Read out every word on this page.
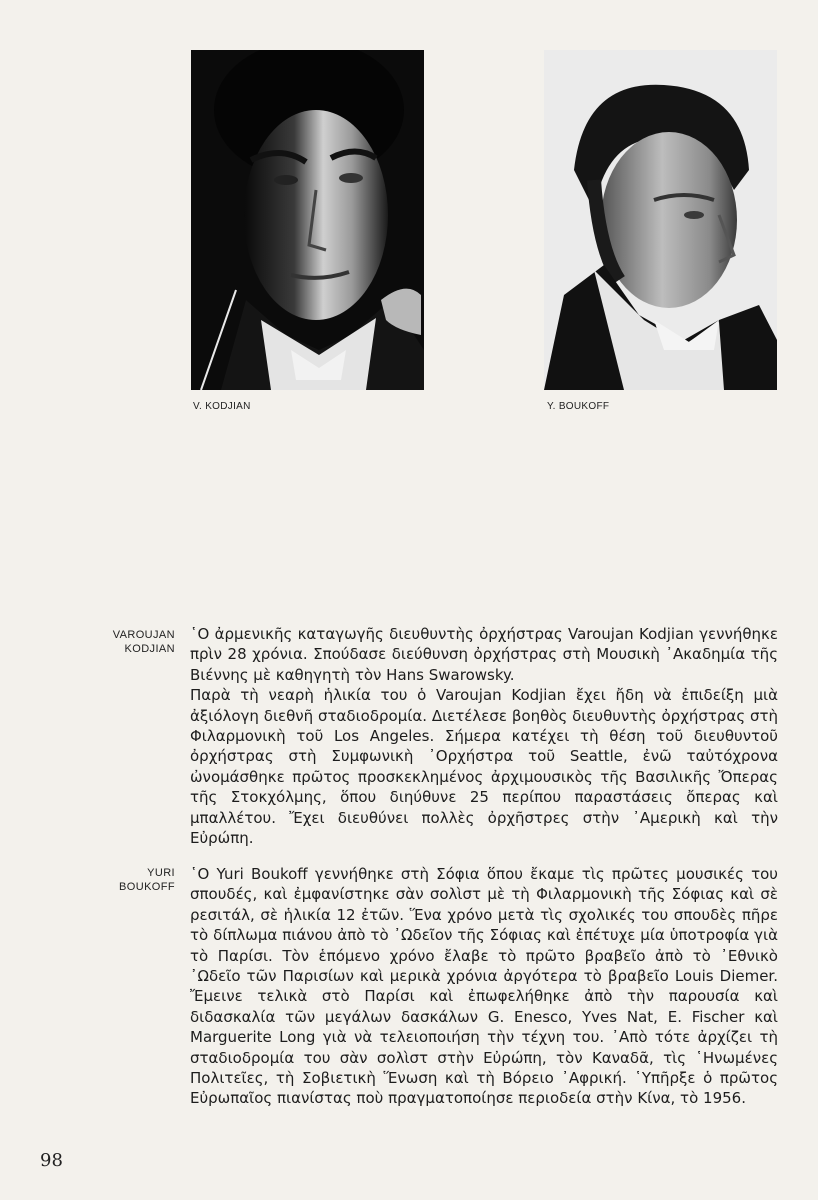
V. KODJIAN	Y. BOUKOFF
VAROUJAN
KODJIAN

῾Ο ἀρμενικῆς καταγωγῆς διευθυντὴς ὀρχήστρας Varoujan Kodjian γεννήθηκε πρὶν 28 χρόνια. Σπούδασε διεύθυνση ὀρχήστρας στὴ Μουσικὴ ᾿Ακαδημία τῆς Βιέννης μὲ καθηγητὴ τὸν Hans Swarowsky.

Παρὰ τὴ νεαρὴ ἡλικία του ὁ Varoujan Kodjian ἔχει ἤδη νὰ ἐπιδείξη μιὰ ἀξιόλογη διεθνῆ σταδιοδρομία. Διετέλεσε βοηθὸς διευθυντὴς ὀρχήστρας στὴ Φιλαρμονικὴ τοῦ Los Angeles. Σήμερα κατέχει τὴ θέση τοῦ διευθυντοῦ ὀρχήστρας στὴ Συμφωνικὴ ᾿Ορχήστρα τοῦ Seattle, ἐνῶ ταὐτόχρονα ὠνομάσθηκε πρῶτος προσκεκλημένος ἀρχιμουσικὸς τῆς Βασιλικῆς Ὄπερας τῆς Στοκχόλμης, ὅπου διηύθυνε 25 περίπου παραστάσεις ὄπερας καὶ μπαλλέτου. Ἔχει διευθύνει πολλὲς ὀρχῆστρες στὴν ᾿Αμερικὴ καὶ τὴν Εὐρώπη.

YURI
BOUKOFF

῾Ο Yuri Boukoff γεννήθηκε στὴ Σόφια ὅπου ἔκαμε τὶς πρῶτες μουσικές του σπουδές, καὶ ἐμφανίστηκε σὰν σολὶστ μὲ τὴ Φιλαρμονικὴ τῆς Σόφιας καὶ σὲ ρεσιτάλ, σὲ ἡλικία 12 ἐτῶν. Ἕνα χρόνο μετὰ τὶς σχολικές του σπουδὲς πῆρε τὸ δίπλωμα πιάνου ἀπὸ τὸ ᾿Ωδεῖον τῆς Σόφιας καὶ ἐπέτυχε μία ὑποτροφία γιὰ τὸ Παρίσι. Τὸν ἑπόμενο χρόνο ἔλαβε τὸ πρῶτο βραβεῖο ἀπὸ τὸ ᾿Εθνικὸ ᾿Ωδεῖο τῶν Παρισίων καὶ μερικὰ χρόνια ἀργότερα τὸ βραβεῖο Louis Diemer. Ἔμεινε τελικὰ στὸ Παρίσι καὶ ἐπωφελήθηκε ἀπὸ τὴν παρουσία καὶ διδασκαλία τῶν μεγάλων δασκάλων G. Enesco, Yves Nat, E. Fischer καὶ Marguerite Long γιὰ νὰ τελειοποιήση τὴν τέχνη του. ᾿Απὸ τότε ἀρχίζει τὴ σταδιοδρομία του σὰν σολὶστ στὴν Εὐρώπη, τὸν Καναδᾶ, τὶς ῾Ηνωμένες Πολιτεῖες, τὴ Σοβιετικὴ Ἕνωση καὶ τὴ Βόρειο ᾿Αφρική. ῾Υπῆρξε ὁ πρῶτος Εὐρωπαῖος πιανίστας ποὺ πραγματοποίησε περιοδεία στὴν Κίνα, τὸ 1956.

98
